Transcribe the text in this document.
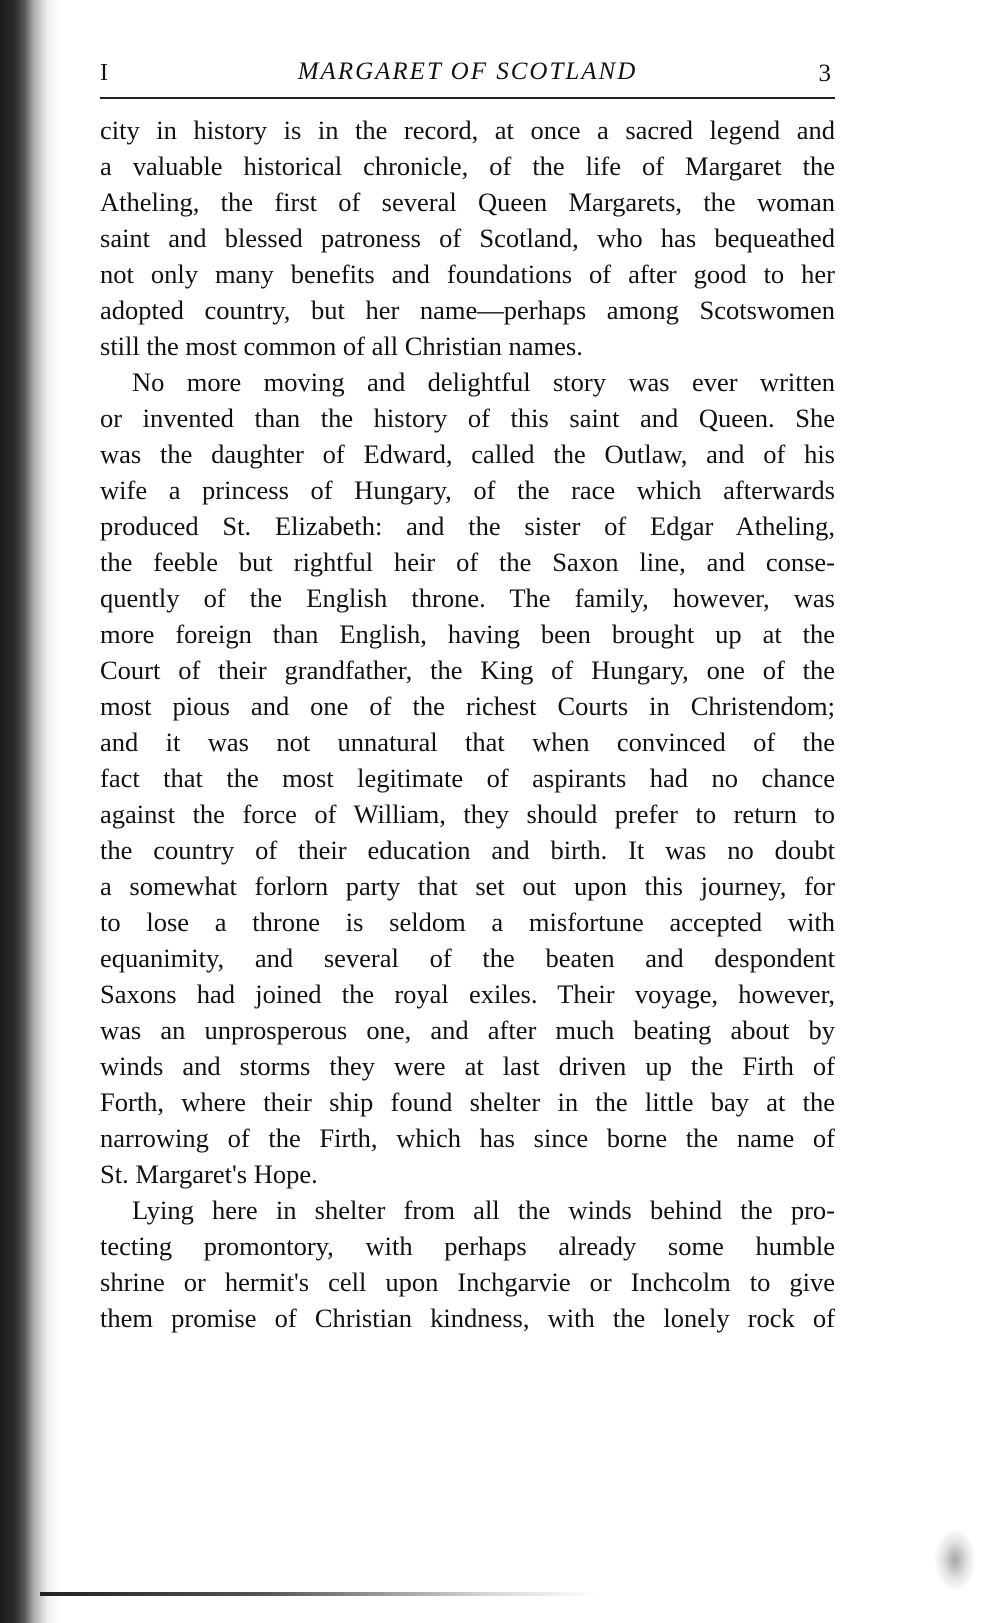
I	MARGARET OF SCOTLAND	3
city in history is in the record, at once a sacred legend and
a valuable historical chronicle, of the life of Margaret the
Atheling, the first of several Queen Margarets, the woman
saint and blessed patroness of Scotland, who has bequeathed
not only many benefits and foundations of after good to her
adopted country, but her name—perhaps among Scotswomen
still the most common of all Christian names.
No more moving and delightful story was ever written
or invented than the history of this saint and Queen. She
was the daughter of Edward, called the Outlaw, and of his
wife a princess of Hungary, of the race which afterwards
produced St. Elizabeth: and the sister of Edgar Atheling,
the feeble but rightful heir of the Saxon line, and conse-
quently of the English throne. The family, however, was
more foreign than English, having been brought up at the
Court of their grandfather, the King of Hungary, one of the
most pious and one of the richest Courts in Christendom;
and it was not unnatural that when convinced of the
fact that the most legitimate of aspirants had no chance
against the force of William, they should prefer to return to
the country of their education and birth. It was no doubt
a somewhat forlorn party that set out upon this journey, for
to lose a throne is seldom a misfortune accepted with
equanimity, and several of the beaten and despondent
Saxons had joined the royal exiles. Their voyage, however,
was an unprosperous one, and after much beating about by
winds and storms they were at last driven up the Firth of
Forth, where their ship found shelter in the little bay at the
narrowing of the Firth, which has since borne the name of
St. Margaret's Hope.
Lying here in shelter from all the winds behind the pro-
tecting promontory, with perhaps already some humble
shrine or hermit's cell upon Inchgarvie or Inchcolm to give
them promise of Christian kindness, with the lonely rock of
